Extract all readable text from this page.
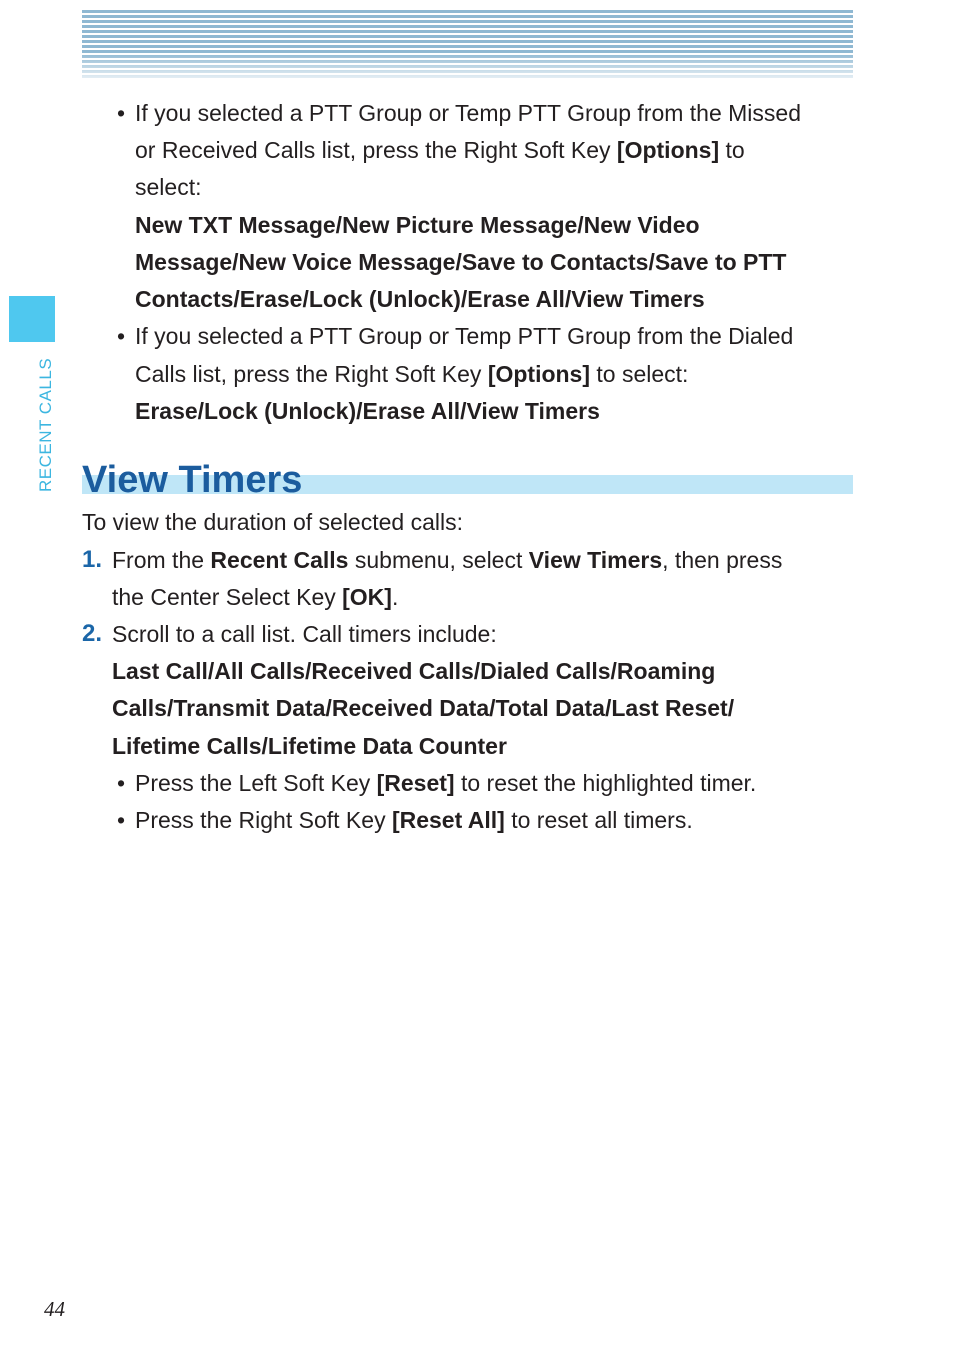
RECENT CALLS
• If you selected a PTT Group or Temp PTT Group from the Missed
or Received Calls list, press the Right Soft Key [Options] to
select:
New TXT Message/New Picture Message/New Video
Message/New Voice Message/Save to Contacts/Save to PTT
Contacts/Erase/Lock (Unlock)/Erase All/View Timers
• If you selected a PTT Group or Temp PTT Group from the Dialed
Calls list, press the Right Soft Key [Options] to select:
Erase/Lock (Unlock)/Erase All/View Timers
View Timers
To view the duration of selected calls:
1. From the Recent Calls submenu, select View Timers, then press
the Center Select Key [OK].
2. Scroll to a call list. Call timers include:
Last Call/All Calls/Received Calls/Dialed Calls/Roaming
Calls/Transmit Data/Received Data/Total Data/Last Reset/
Lifetime Calls/Lifetime Data Counter
• Press the Left Soft Key [Reset] to reset the highlighted timer.
• Press the Right Soft Key [Reset All] to reset all timers.
44
